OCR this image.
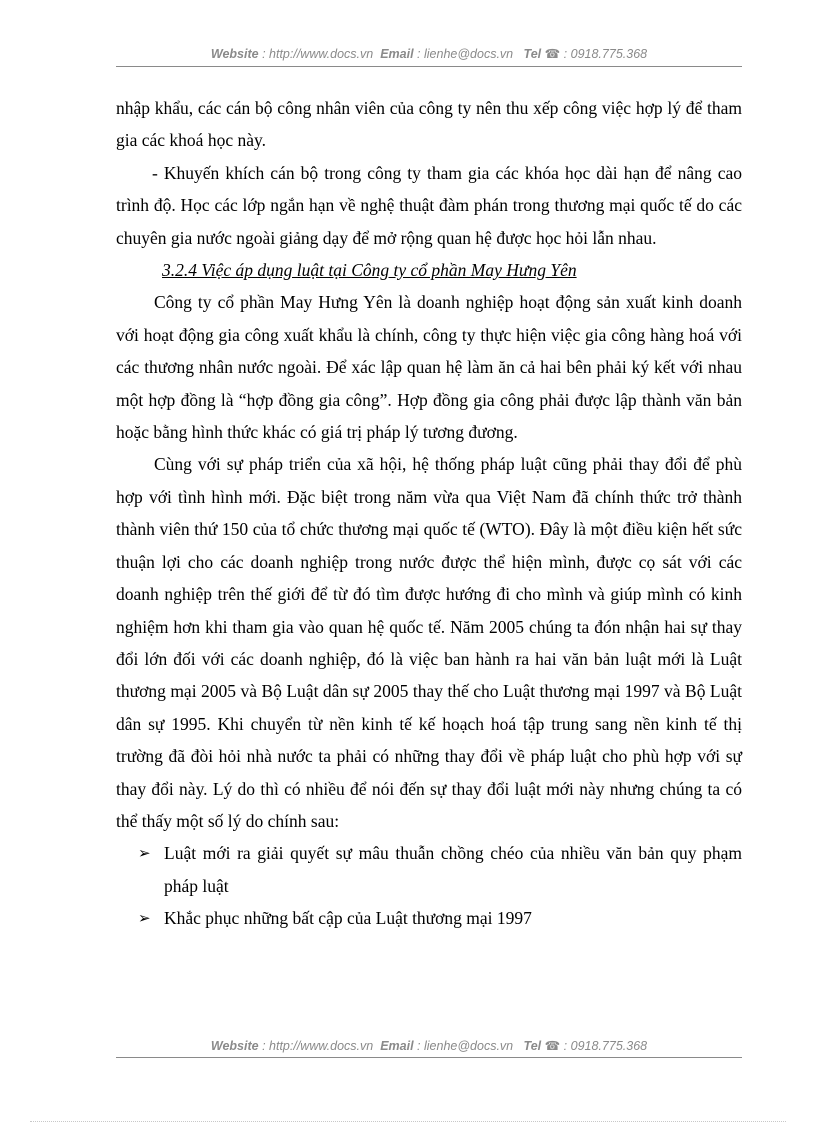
Website : http://www.docs.vn Email : lienhe@docs.vn Tel ☎ : 0918.775.368

nhập khẩu, các cán bộ công nhân viên của công ty nên thu xếp công việc hợp lý để tham gia các khoá học này.

- Khuyến khích cán bộ trong công ty tham gia các khóa học dài hạn để nâng cao trình độ. Học các lớp ngắn hạn về nghệ thuật đàm phán trong thương mại quốc tế do các chuyên gia nước ngoài giảng dạy để mở rộng quan hệ được học hỏi lẫn nhau.

3.2.4 Việc áp dụng luật tại Công ty cổ phần May Hưng Yên

Công ty cổ phần May Hưng Yên là doanh nghiệp hoạt động sản xuất kinh doanh với hoạt động gia công xuất khẩu là chính, công ty thực hiện việc gia công hàng hoá với các thương nhân nước ngoài. Để xác lập quan hệ làm ăn cả hai bên phải ký kết với nhau một hợp đồng là “hợp đồng gia công”. Hợp đồng gia công phải được lập thành văn bản hoặc bằng hình thức khác có giá trị pháp lý tương đương.

Cùng với sự pháp triển của xã hội, hệ thống pháp luật cũng phải thay đổi để phù hợp với tình hình mới. Đặc biệt trong năm vừa qua Việt Nam đã chính thức trở thành thành viên thứ 150 của tổ chức thương mại quốc tế (WTO). Đây là một điều kiện hết sức thuận lợi cho các doanh nghiệp trong nước được thể hiện mình, được cọ sát với các doanh nghiệp trên thế giới để từ đó tìm được hướng đi cho mình và giúp mình có kinh nghiệm hơn khi tham gia vào quan hệ quốc tế. Năm 2005 chúng ta đón nhận hai sự thay đổi lớn đối với các doanh nghiệp, đó là việc ban hành ra hai văn bản luật mới là Luật thương mại 2005 và Bộ Luật dân sự 2005 thay thế cho Luật thương mại 1997 và Bộ Luật dân sự 1995. Khi chuyển từ nền kinh tế kế hoạch hoá tập trung sang nền kinh tế thị trường đã đòi hỏi nhà nước ta phải có những thay đổi về pháp luật cho phù hợp với sự thay đổi này. Lý do thì có nhiều để nói đến sự thay đổi luật mới này nhưng chúng ta có thể thấy một số lý do chính sau:

➢ Luật mới ra giải quyết sự mâu thuẫn chồng chéo của nhiều văn bản quy phạm pháp luật

➢ Khắc phục những bất cập của Luật thương mại 1997

Website : http://www.docs.vn Email : lienhe@docs.vn Tel ☎ : 0918.775.368
